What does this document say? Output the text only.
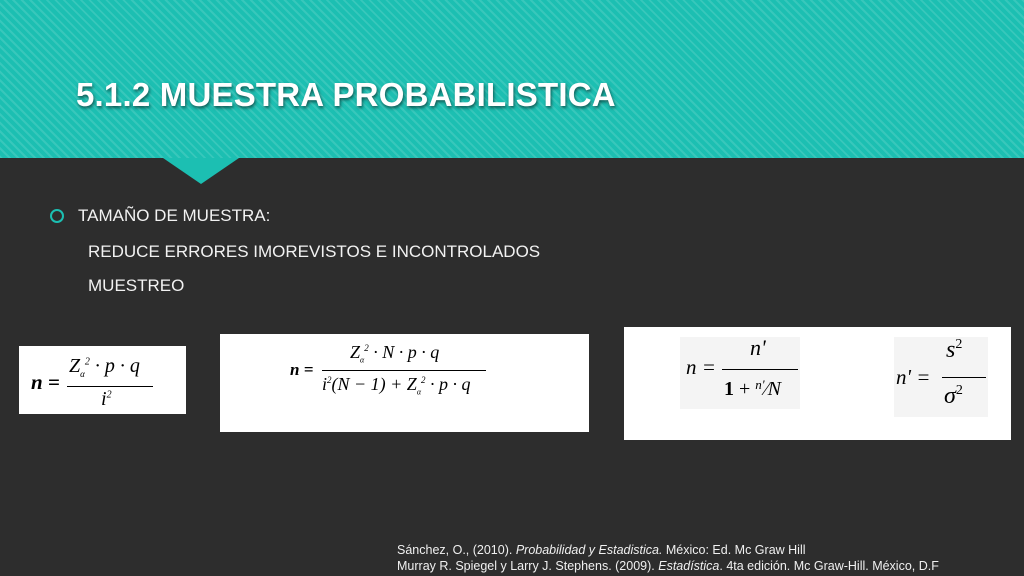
5.1.2 MUESTRA PROBABILISTICA
TAMAÑO DE MUESTRA:
REDUCE ERRORES IMOREVISTOS E INCONTROLADOS
MUESTREO
n =
$Z_\alpha^2 \cdot p \cdot q$
$i^2$
n =
$Z_\alpha^2 \cdot N \cdot p \cdot q$
$i^2(N - 1) + Z_\alpha^2 \cdot p \cdot q$
n =
n'
1 + $^{n'}$⁄N	n' =
$s^2$
$\sigma^2$
Sánchez, O., (2010). Probabilidad y Estadistica. México: Ed. Mc Graw Hill
Murray R. Spiegel y Larry J. Stephens. (2009). Estadística. 4ta edición. Mc Graw-Hill. México, D.F
